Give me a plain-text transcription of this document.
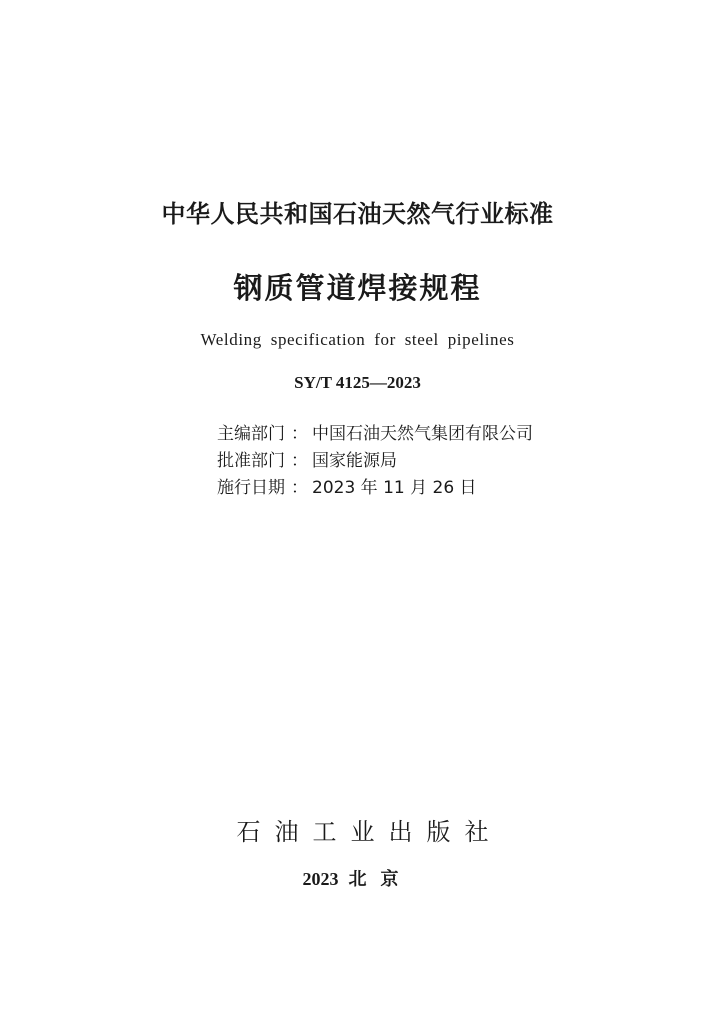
中华人民共和国石油天然气行业标准
钢质管道焊接规程
Welding specification for steel pipelines
SY/T 4125—2023
主编部门 ： 中国石油天然气集团有限公司
批准部门 ： 国家能源局
施行日期 ： 2023 年 11 月 26 日
石油工业出版社
2023 北京
